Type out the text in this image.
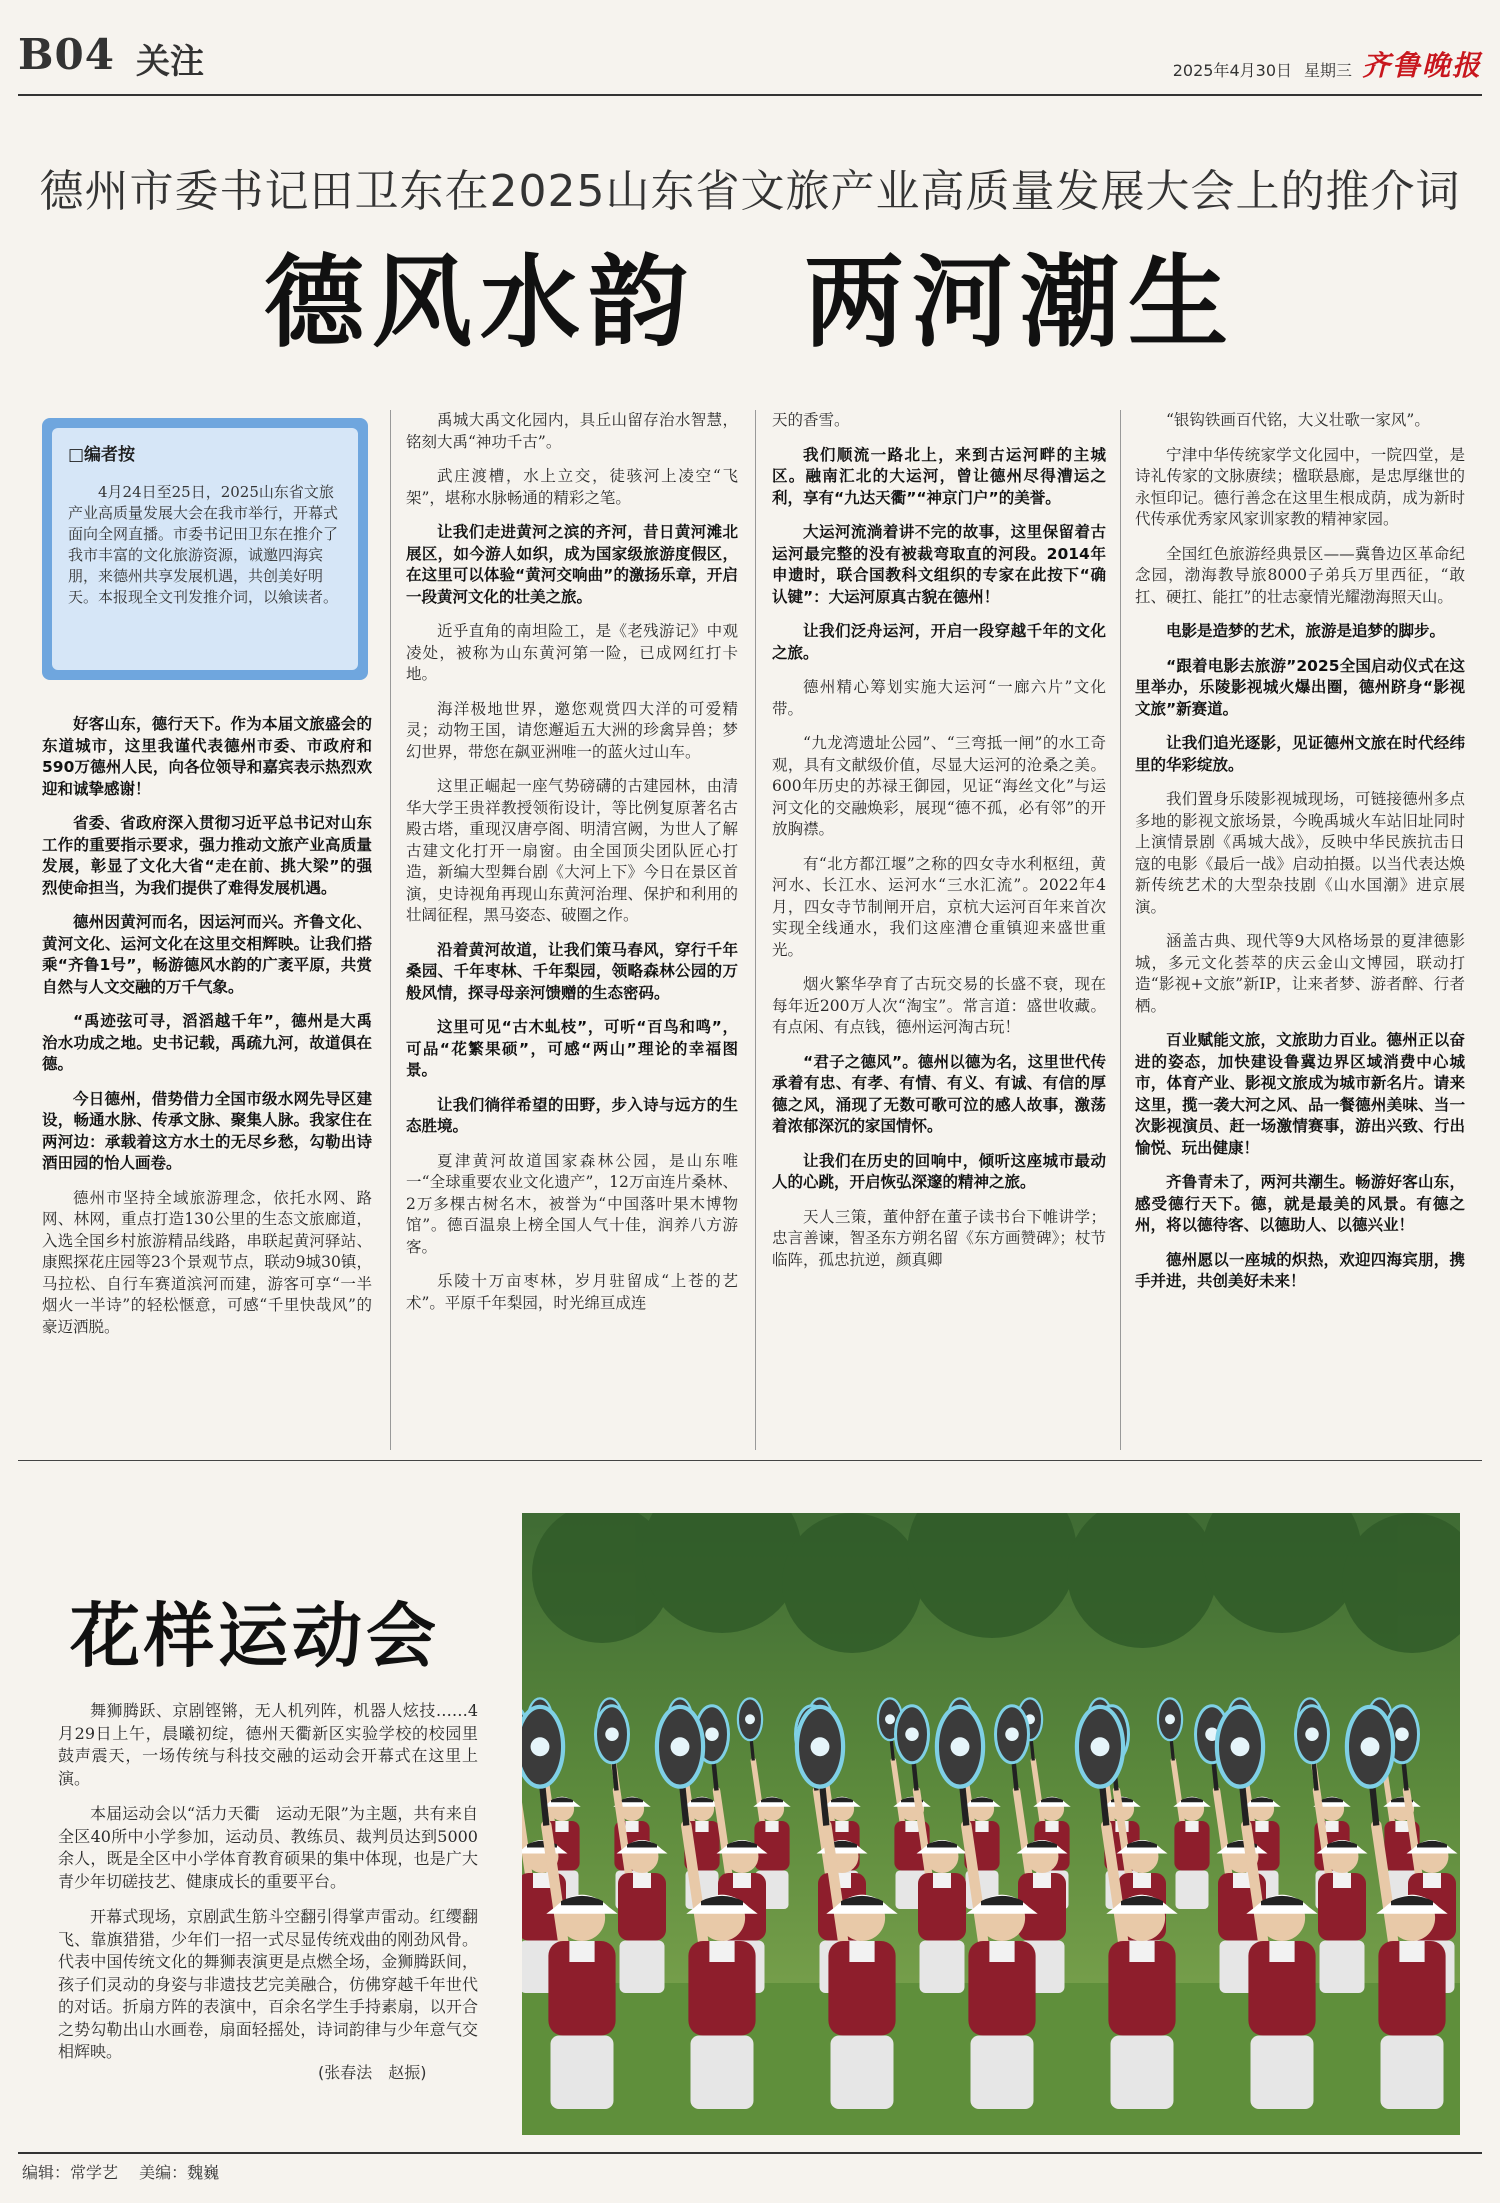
B04 关注	2025年4月30日 星期三 齐鲁晚报
德州市委书记田卫东在2025山东省文旅产业高质量发展大会上的推介词
德风水韵　两河潮生
□编者按
4月24日至25日，2025山东省文旅产业高质量发展大会在我市举行，开幕式面向全网直播。市委书记田卫东在推介了我市丰富的文化旅游资源，诚邀四海宾朋，来德州共享发展机遇，共创美好明天。本报现全文刊发推介词，以飨读者。

好客山东，德行天下。作为本届文旅盛会的东道城市，这里我谨代表德州市委、市政府和590万德州人民，向各位领导和嘉宾表示热烈欢迎和诚挚感谢！

省委、省政府深入贯彻习近平总书记对山东工作的重要指示要求，强力推动文旅产业高质量发展，彰显了文化大省“走在前、挑大梁”的强烈使命担当，为我们提供了难得发展机遇。

德州因黄河而名，因运河而兴。齐鲁文化、黄河文化、运河文化在这里交相辉映。让我们搭乘“齐鲁1号”，畅游德风水韵的广袤平原，共赏自然与人文交融的万千气象。

“禹迹弦可寻，滔滔越千年”，德州是大禹治水功成之地。史书记载，禹疏九河，故道俱在德。

今日德州，借势借力全国市级水网先导区建设，畅通水脉、传承文脉、聚集人脉。我家住在两河边：承载着这方水土的无尽乡愁，勾勒出诗酒田园的怡人画卷。

德州市坚持全域旅游理念，依托水网、路网、林网，重点打造130公里的生态文旅廊道，入选全国乡村旅游精品线路，串联起黄河驿站、康熙探花庄园等23个景观节点，联动9城30镇，马拉松、自行车赛道滨河而建，游客可享“一半烟火一半诗”的轻松惬意，可感“千里快哉风”的豪迈洒脱。

禹城大禹文化园内，具丘山留存治水智慧，铭刻大禹“神功千古”。

武庄渡槽，水上立交，徒骇河上凌空“飞架”，堪称水脉畅通的精彩之笔。

让我们走进黄河之滨的齐河，昔日黄河滩北展区，如今游人如织，成为国家级旅游度假区，在这里可以体验“黄河交响曲”的激扬乐章，开启一段黄河文化的壮美之旅。

近乎直角的南坦险工，是《老残游记》中观凌处，被称为山东黄河第一险，已成网红打卡地。

海洋极地世界，邀您观赏四大洋的可爱精灵；动物王国，请您邂逅五大洲的珍禽异兽；梦幻世界，带您在飙亚洲唯一的蓝火过山车。

这里正崛起一座气势磅礴的古建园林，由清华大学王贵祥教授领衔设计，等比例复原著名古殿古塔，重现汉唐亭阁、明清宫阙，为世人了解古建文化打开一扇窗。由全国顶尖团队匠心打造，新编大型舞台剧《大河上下》今日在景区首演，史诗视角再现山东黄河治理、保护和利用的壮阔征程，黑马姿态、破圈之作。

沿着黄河故道，让我们策马春风，穿行千年桑园、千年枣林、千年梨园，领略森林公园的万般风情，探寻母亲河馈赠的生态密码。

这里可见“古木虬枝”，可听“百鸟和鸣”，可品“花繁果硕”，可感“两山”理论的幸福图景。

让我们徜徉希望的田野，步入诗与远方的生态胜境。

夏津黄河故道国家森林公园，是山东唯一“全球重要农业文化遗产”，12万亩连片桑林、2万多棵古树名木，被誉为“中国落叶果木博物馆”。德百温泉上榜全国人气十佳，润养八方游客。

乐陵十万亩枣林，岁月驻留成“上苍的艺术”。平原千年梨园，时光绵亘成连

天的香雪。

我们顺流一路北上，来到古运河畔的主城区。融南汇北的大运河，曾让德州尽得漕运之利，享有“九达天衢”“神京门户”的美誉。

大运河流淌着讲不完的故事，这里保留着古运河最完整的没有被裁弯取直的河段。2014年申遗时，联合国教科文组织的专家在此按下“确认键”：大运河原真古貌在德州！

让我们泛舟运河，开启一段穿越千年的文化之旅。

德州精心筹划实施大运河“一廊六片”文化带。

“九龙湾遗址公园”、“三弯抵一闸”的水工奇观，具有文献级价值，尽显大运河的沧桑之美。600年历史的苏禄王御园，见证“海丝文化”与运河文化的交融焕彩，展现“德不孤，必有邻”的开放胸襟。

有“北方都江堰”之称的四女寺水利枢纽，黄河水、长江水、运河水“三水汇流”。2022年4月，四女寺节制闸开启，京杭大运河百年来首次实现全线通水，我们这座漕仓重镇迎来盛世重光。

烟火繁华孕育了古玩交易的长盛不衰，现在每年近200万人次“淘宝”。常言道：盛世收藏。有点闲、有点钱，德州运河淘古玩！

“君子之德风”。德州以德为名，这里世代传承着有忠、有孝、有情、有义、有诚、有信的厚德之风，涌现了无数可歌可泣的感人故事，激荡着浓郁深沉的家国情怀。

让我们在历史的回响中，倾听这座城市最动人的心跳，开启恢弘深邃的精神之旅。

天人三策，董仲舒在董子读书台下帷讲学；忠言善谏，智圣东方朔名留《东方画赞碑》；杖节临阵，孤忠抗逆，颜真卿

“银钩铁画百代铭，大义壮歌一家风”。

宁津中华传统家学文化园中，一院四堂，是诗礼传家的文脉赓续；楹联悬廊，是忠厚继世的永恒印记。德行善念在这里生根成荫，成为新时代传承优秀家风家训家教的精神家园。

全国红色旅游经典景区——冀鲁边区革命纪念园，渤海教导旅8000子弟兵万里西征，“敢扛、硬扛、能扛”的壮志豪情光耀渤海照天山。

电影是造梦的艺术，旅游是追梦的脚步。

“跟着电影去旅游”2025全国启动仪式在这里举办，乐陵影视城火爆出圈，德州跻身“影视文旅”新赛道。

让我们追光逐影，见证德州文旅在时代经纬里的华彩绽放。

我们置身乐陵影视城现场，可链接德州多点多地的影视文旅场景，今晚禹城火车站旧址同时上演情景剧《禹城大战》，反映中华民族抗击日寇的电影《最后一战》启动拍摄。以当代表达焕新传统艺术的大型杂技剧《山水国潮》进京展演。

涵盖古典、现代等9大风格场景的夏津德影城，多元文化荟萃的庆云金山文博园，联动打造“影视+文旅”新IP，让来者梦、游者醉、行者栖。

百业赋能文旅，文旅助力百业。德州正以奋进的姿态，加快建设鲁冀边界区域消费中心城市，体育产业、影视文旅成为城市新名片。请来这里，揽一袭大河之风、品一餐德州美味、当一次影视演员、赶一场激情赛事，游出兴致、行出愉悦、玩出健康！

齐鲁青未了，两河共潮生。畅游好客山东，感受德行天下。德，就是最美的风景。有德之州，将以德待客、以德助人、以德兴业！

德州愿以一座城的炽热，欢迎四海宾朋，携手并进，共创美好未来！

花样运动会

舞狮腾跃、京剧铿锵，无人机列阵，机器人炫技……4月29日上午，晨曦初绽，德州天衢新区实验学校的校园里鼓声震天，一场传统与科技交融的运动会开幕式在这里上演。

本届运动会以“活力天衢　运动无限”为主题，共有来自全区40所中小学参加，运动员、教练员、裁判员达到5000余人，既是全区中小学体育教育硕果的集中体现，也是广大青少年切磋技艺、健康成长的重要平台。

开幕式现场，京剧武生筋斗空翻引得掌声雷动。红缨翻飞、靠旗猎猎，少年们一招一式尽显传统戏曲的刚劲风骨。代表中国传统文化的舞狮表演更是点燃全场，金狮腾跃间，孩子们灵动的身姿与非遗技艺完美融合，仿佛穿越千年世代的对话。折扇方阵的表演中，百余名学生手持素扇，以开合之势勾勒出山水画卷，扇面轻摇处，诗词韵律与少年意气交相辉映。

(张春法　赵振)
编辑：常学艺 美编：魏巍
